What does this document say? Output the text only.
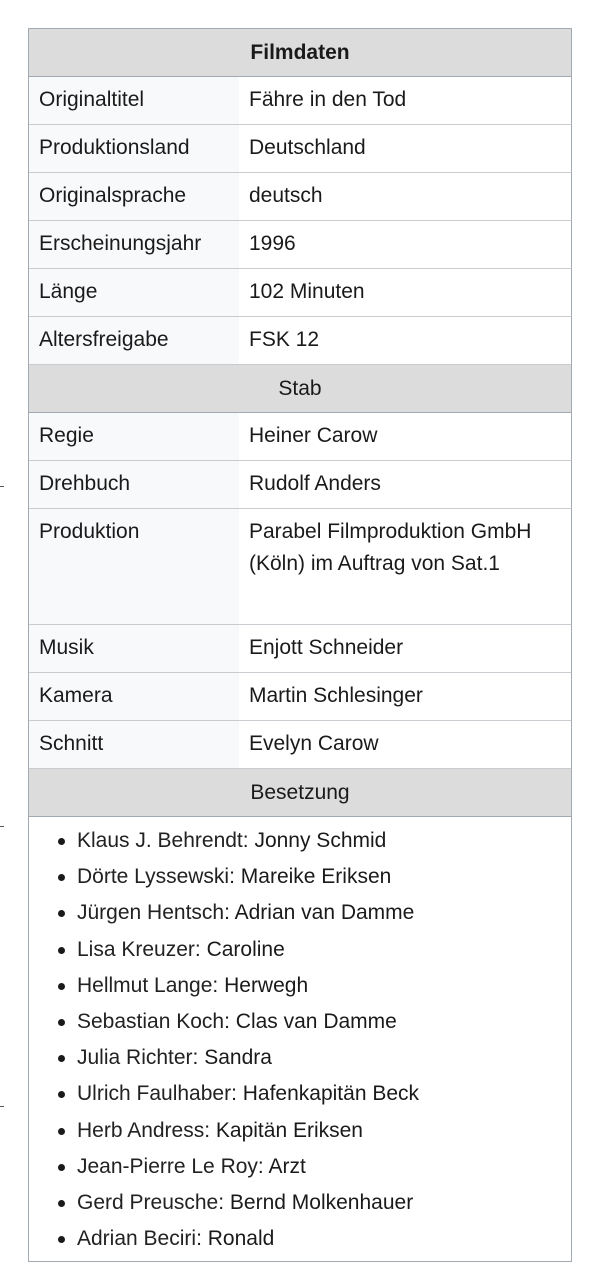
Filmdaten
Originaltitel	Fähre in den Tod
Produktionsland	Deutschland
Originalsprache	deutsch
Erscheinungsjahr	1996
Länge	102 Minuten
Altersfreigabe	FSK 12
Stab
Regie	Heiner Carow
Drehbuch	Rudolf Anders
Produktion	Parabel Filmproduktion GmbH (Köln) im Auftrag von Sat.1
Musik	Enjott Schneider
Kamera	Martin Schlesinger
Schnitt	Evelyn Carow
Besetzung
Klaus J. Behrendt: Jonny Schmid
Dörte Lyssewski: Mareike Eriksen
Jürgen Hentsch: Adrian van Damme
Lisa Kreuzer: Caroline
Hellmut Lange: Herwegh
Sebastian Koch: Clas van Damme
Julia Richter: Sandra
Ulrich Faulhaber: Hafenkapitän Beck
Herb Andress: Kapitän Eriksen
Jean-Pierre Le Roy: Arzt
Gerd Preusche: Bernd Molkenhauer
Adrian Beciri: Ronald
